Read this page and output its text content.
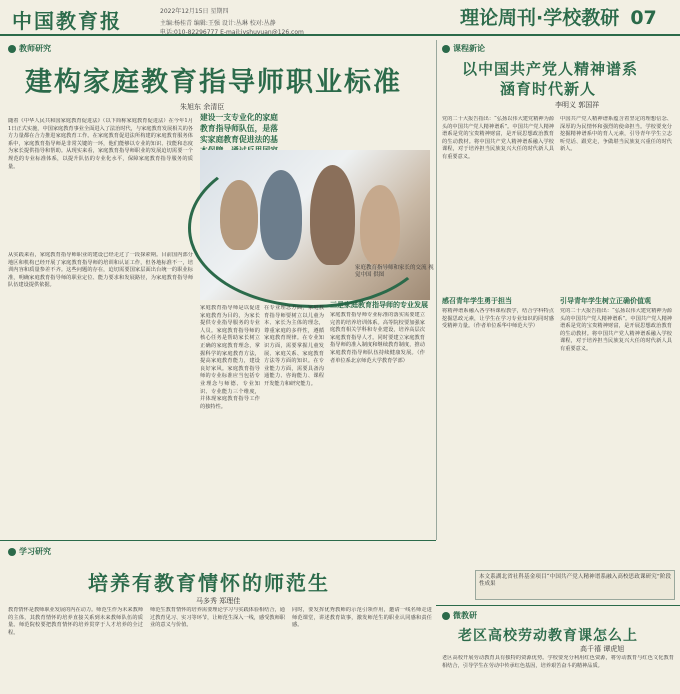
中国教育报	2022年12月15日 星期四
主编:杨桂青 编辑:王强 设计:丛琳 校对:丛静
电话:010-82296777 E-mail:jyshuyuan@126.com
理论周刊·学校教研 07
教师研究
建构家庭教育指导师职业标准
朱旭东 余清臣
随着《中华人民共和国家庭教育促进法》（以下简称家庭教育促进法）在今年1月1日正式实施，中国家庭教育事业全面进入了法治时代，与家庭教育发展相关的各方力量都在合力推进家庭教育工作。在家庭教育促进法所构建的家庭教育服务体系中，家庭教育指导师是非常关键的一环，他们能够以专业的知识、技能和态度为家长提供指导和帮助。从现实来看，家庭教育指导师职业的发展迫切需要一个规范的专业标准体系，以提升队伍的专业化水平，保障家庭教育指导服务的质量。
从实践来看，家庭教育指导师职业的建设已经走过了一段探索期。目前国内部分地区和机构已经开展了家庭教育指导师的培训和认证工作，但各地标准不一，培训内容和质量参差不齐。这些问题的存在，迫切需要国家层面出台统一的职业标准，明确家庭教育指导师的职业定位、能力要求和发展路径，为家庭教育指导师队伍建设提供依据。
建设一支专业化的家庭教育指导师队伍，是落实家庭教育促进法的基
家庭教育指导师和家长的交流 视觉中国 供图
家庭教育指导师是以促进家庭教育为目的，为家长提供专业指导服务的专业人员。家庭教育指导师的核心任务是帮助家长树立正确的家庭教育理念，掌握科学的家庭教育方法，提高家庭教育能力，建设良好家风。家庭教育指导师的专业标准应当包括专业理念与师德、专业知识、专业能力三个维度，并体现家庭教育指导工作的独特性。
在专业理念方面，家庭教育指导师要树立以儿童为本、家长为主体的理念，尊重家庭的多样性，遵循家庭教育规律。在专业知识方面，需要掌握儿童发展、家庭关系、家庭教育方法等方面的知识。在专业能力方面，需要具备沟通能力、咨询能力、课程开发能力和研究能力。
三是家庭教育指导师的专业发展
家庭教育指导师专业标准的落实需要建立完善的培养培训体系。高等院校要加强家庭教育相关学科和专业建设，培养高层次家庭教育指导人才。同时要建立家庭教育指导师的准入制度和继续教育制度，推动家庭教育指导师队伍持续健康发展。（作者单位系北京师范大学教育学部）
课程新论
以中国共产党人精神谱系
涵育时代新人
李明义 郭国祥
党的二十大报告指出：“弘扬以伟大建党精神为源头的中国共产党人精神谱系”。中国共产党人精神谱系是党的宝贵精神财富，是开展思想政治教育的生动教材。将中国共产党人精神谱系融入学校课程，对于培养担当民族复兴大任的时代新人具有重要意义。
中国共产党人精神谱系蕴含着坚定的理想信念、深厚的为民情怀和强烈的使命担当。学校要充分挖掘精神谱系中的育人元素，引导青年学生立志听党话、跟党走，争做堪当民族复兴重任的时代新人。
感召青年学生勇于担当
将精神谱系融入各学科课程教学，结合学科特点挖掘思政元素，让学生在学习专业知识的同时感受精神力量。（作者单位系华中师范大学）
引导青年学生树立正确价值观
党的二十大报告指出：“弘扬以伟大建党精神为源头的中国共产党人精神谱系”。中国共产党人精神谱系是党的宝贵精神财富，是开展思想政治教育的生动教材。将中国共产党人精神谱系融入学校课程，对于培养担当民族复兴大任的时代新人具有重要意义。
本文系湖北省社科基金项目“中国共产党人精神谱系融入高校思政课研究”阶段性成果
学习研究
培养有教育情怀的师范生
马多秀 郑理佳
教育情怀是教师职业发展的内在动力。师范生作为未来教师的主体，其教育情怀的培养直接关系到未来教师队伍的质量。师范院校要把教育情怀的培养贯穿于人才培养的全过程。
师范生教育情怀的培养需要理论学习与实践体验相结合，通过教育见习、实习等环节，让师范生深入一线，感受教师职业的意义与价值。
同时，要发挥优秀教师的示范引领作用，邀请一线名师走进师范课堂，讲述教育故事，激发师范生的职业认同感和责任感。
微教研
老区高校劳动教育课怎么上
高千禧 谭虎旭
老区高校开展劳动教育具有独特的资源优势。学校要充分利用红色资源，将劳动教育与红色文化教育相结合，引导学生在劳动中传承红色基因，培养艰苦奋斗的精神品质。
